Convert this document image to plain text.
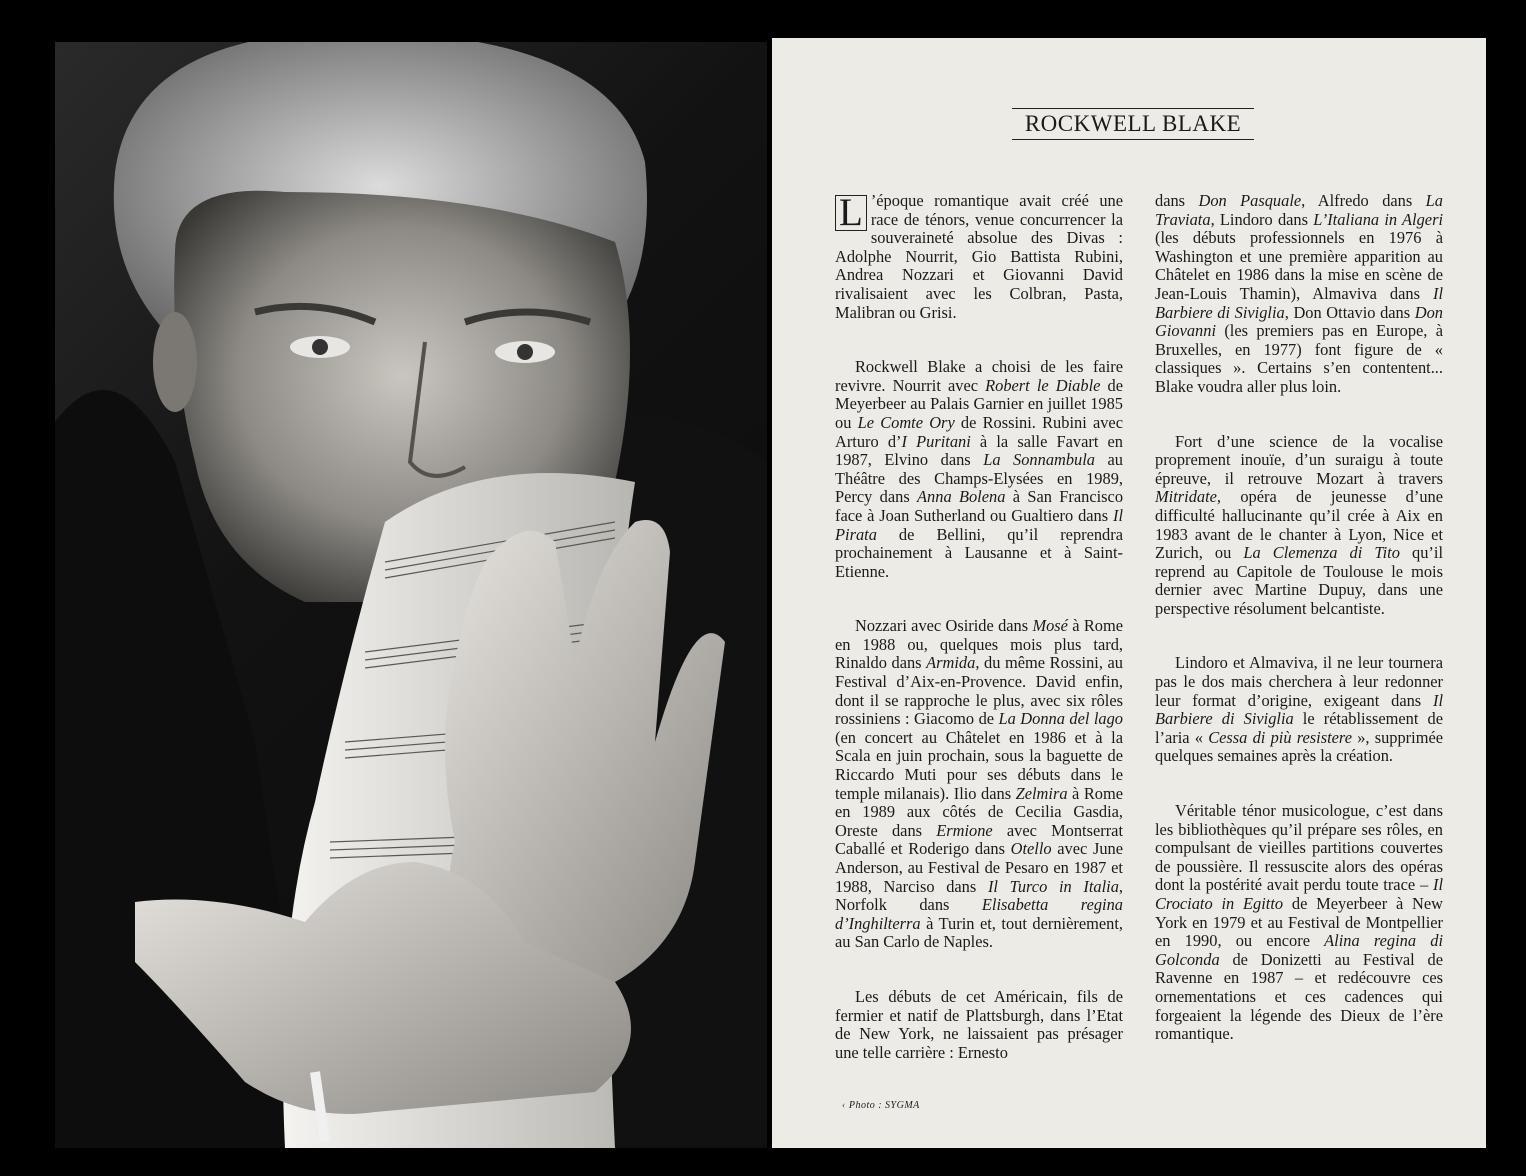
ROCKWELL BLAKE

L ’époque romantique avait créé une race de ténors, venue concurrencer la souveraineté absolue des Divas : Adolphe Nourrit, Gio Battista Rubini, Andrea Nozzari et Giovanni David rivalisaient avec les Colbran, Pasta, Malibran ou Grisi.

Rockwell Blake a choisi de les faire revivre. Nourrit avec Robert le Diable de Meyerbeer au Palais Garnier en juillet 1985 ou Le Comte Ory de Rossini. Rubini avec Arturo d’I Puritani à la salle Favart en 1987, Elvino dans La Sonnambula au Théâtre des Champs-Elysées en 1989, Percy dans Anna Bolena à San Francisco face à Joan Sutherland ou Gualtiero dans Il Pirata de Bellini, qu’il reprendra prochainement à Lausanne et à Saint-Etienne.

Nozzari avec Osiride dans Mosé à Rome en 1988 ou, quelques mois plus tard, Rinaldo dans Armida, du même Rossini, au Festival d’Aix-en-Provence. David enfin, dont il se rapproche le plus, avec six rôles rossiniens : Giacomo de La Donna del lago (en concert au Châtelet en 1986 et à la Scala en juin prochain, sous la baguette de Riccardo Muti pour ses débuts dans le temple milanais). Ilio dans Zelmira à Rome en 1989 aux côtés de Cecilia Gasdia, Oreste dans Ermione avec Montserrat Caballé et Roderigo dans Otello avec June Anderson, au Festival de Pesaro en 1987 et 1988, Narciso dans Il Turco in Italia, Norfolk dans Elisabetta regina d’Inghilterra à Turin et, tout dernièrement, au San Carlo de Naples.

Les débuts de cet Américain, fils de fermier et natif de Plattsburgh, dans l’Etat de New York, ne laissaient pas présager une telle carrière : Ernesto

dans Don Pasquale, Alfredo dans La Traviata, Lindoro dans L’Italiana in Algeri (les débuts professionnels en 1976 à Washington et une première apparition au Châtelet en 1986 dans la mise en scène de Jean-Louis Thamin), Almaviva dans Il Barbiere di Siviglia, Don Ottavio dans Don Giovanni (les premiers pas en Europe, à Bruxelles, en 1977) font figure de « classiques ». Certains s’en contentent... Blake voudra aller plus loin.

Fort d’une science de la vocalise proprement inouïe, d’un suraigu à toute épreuve, il retrouve Mozart à travers Mitridate, opéra de jeunesse d’une difficulté hallucinante qu’il crée à Aix en 1983 avant de le chanter à Lyon, Nice et Zurich, ou La Clemenza di Tito qu’il reprend au Capitole de Toulouse le mois dernier avec Martine Dupuy, dans une perspective résolument belcantiste.

Lindoro et Almaviva, il ne leur tournera pas le dos mais cherchera à leur redonner leur format d’origine, exigeant dans Il Barbiere di Siviglia le rétablissement de l’aria « Cessa di più resistere », supprimée quelques semaines après la création.

Véritable ténor musicologue, c’est dans les bibliothèques qu’il prépare ses rôles, en compulsant de vieilles partitions couvertes de poussière. Il ressuscite alors des opéras dont la postérité avait perdu toute trace – Il Crociato in Egitto de Meyerbeer à New York en 1979 et au Festival de Montpellier en 1990, ou encore Alina regina di Golconda de Donizetti au Festival de Ravenne en 1987 – et redécouvre ces ornementations et ces cadences qui forgeaient la légende des Dieux de l’ère romantique.

‹ Photo : SYGMA
